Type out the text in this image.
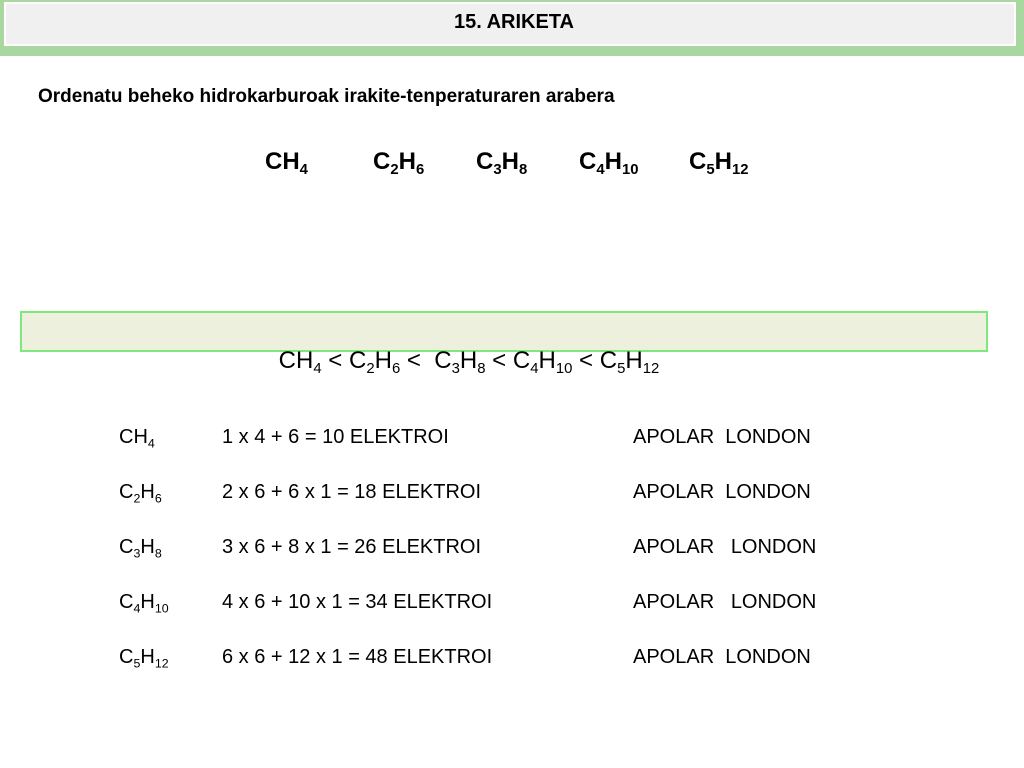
15. ARIKETA
Ordenatu beheko hidrokarburoak irakite-tenperaturaren arabera
$CH_4$	$C_2H_6$ $C_3H_8$ $C_4H_{10}$ $C_5H_{12}$

$CH_4 < C_2H_6 < C_3H_8 < C_4H_{10} < C_5H_{12}$

$CH_4$	1 x 4 + 6 = 10 ELEKTROI	APOLAR  LONDON
$C_2H_6$	2 x 6 + 6 x 1 = 18 ELEKTROI	APOLAR  LONDON
$C_3H_8$	3 x 6 + 8 x 1 = 26 ELEKTROI	APOLAR   LONDON
$C_4H_{10}$	4 x 6 + 10 x 1 = 34 ELEKTROI	APOLAR   LONDON
$C_5H_{12}$	6 x 6 + 12 x 1 = 48 ELEKTROI	APOLAR  LONDON
